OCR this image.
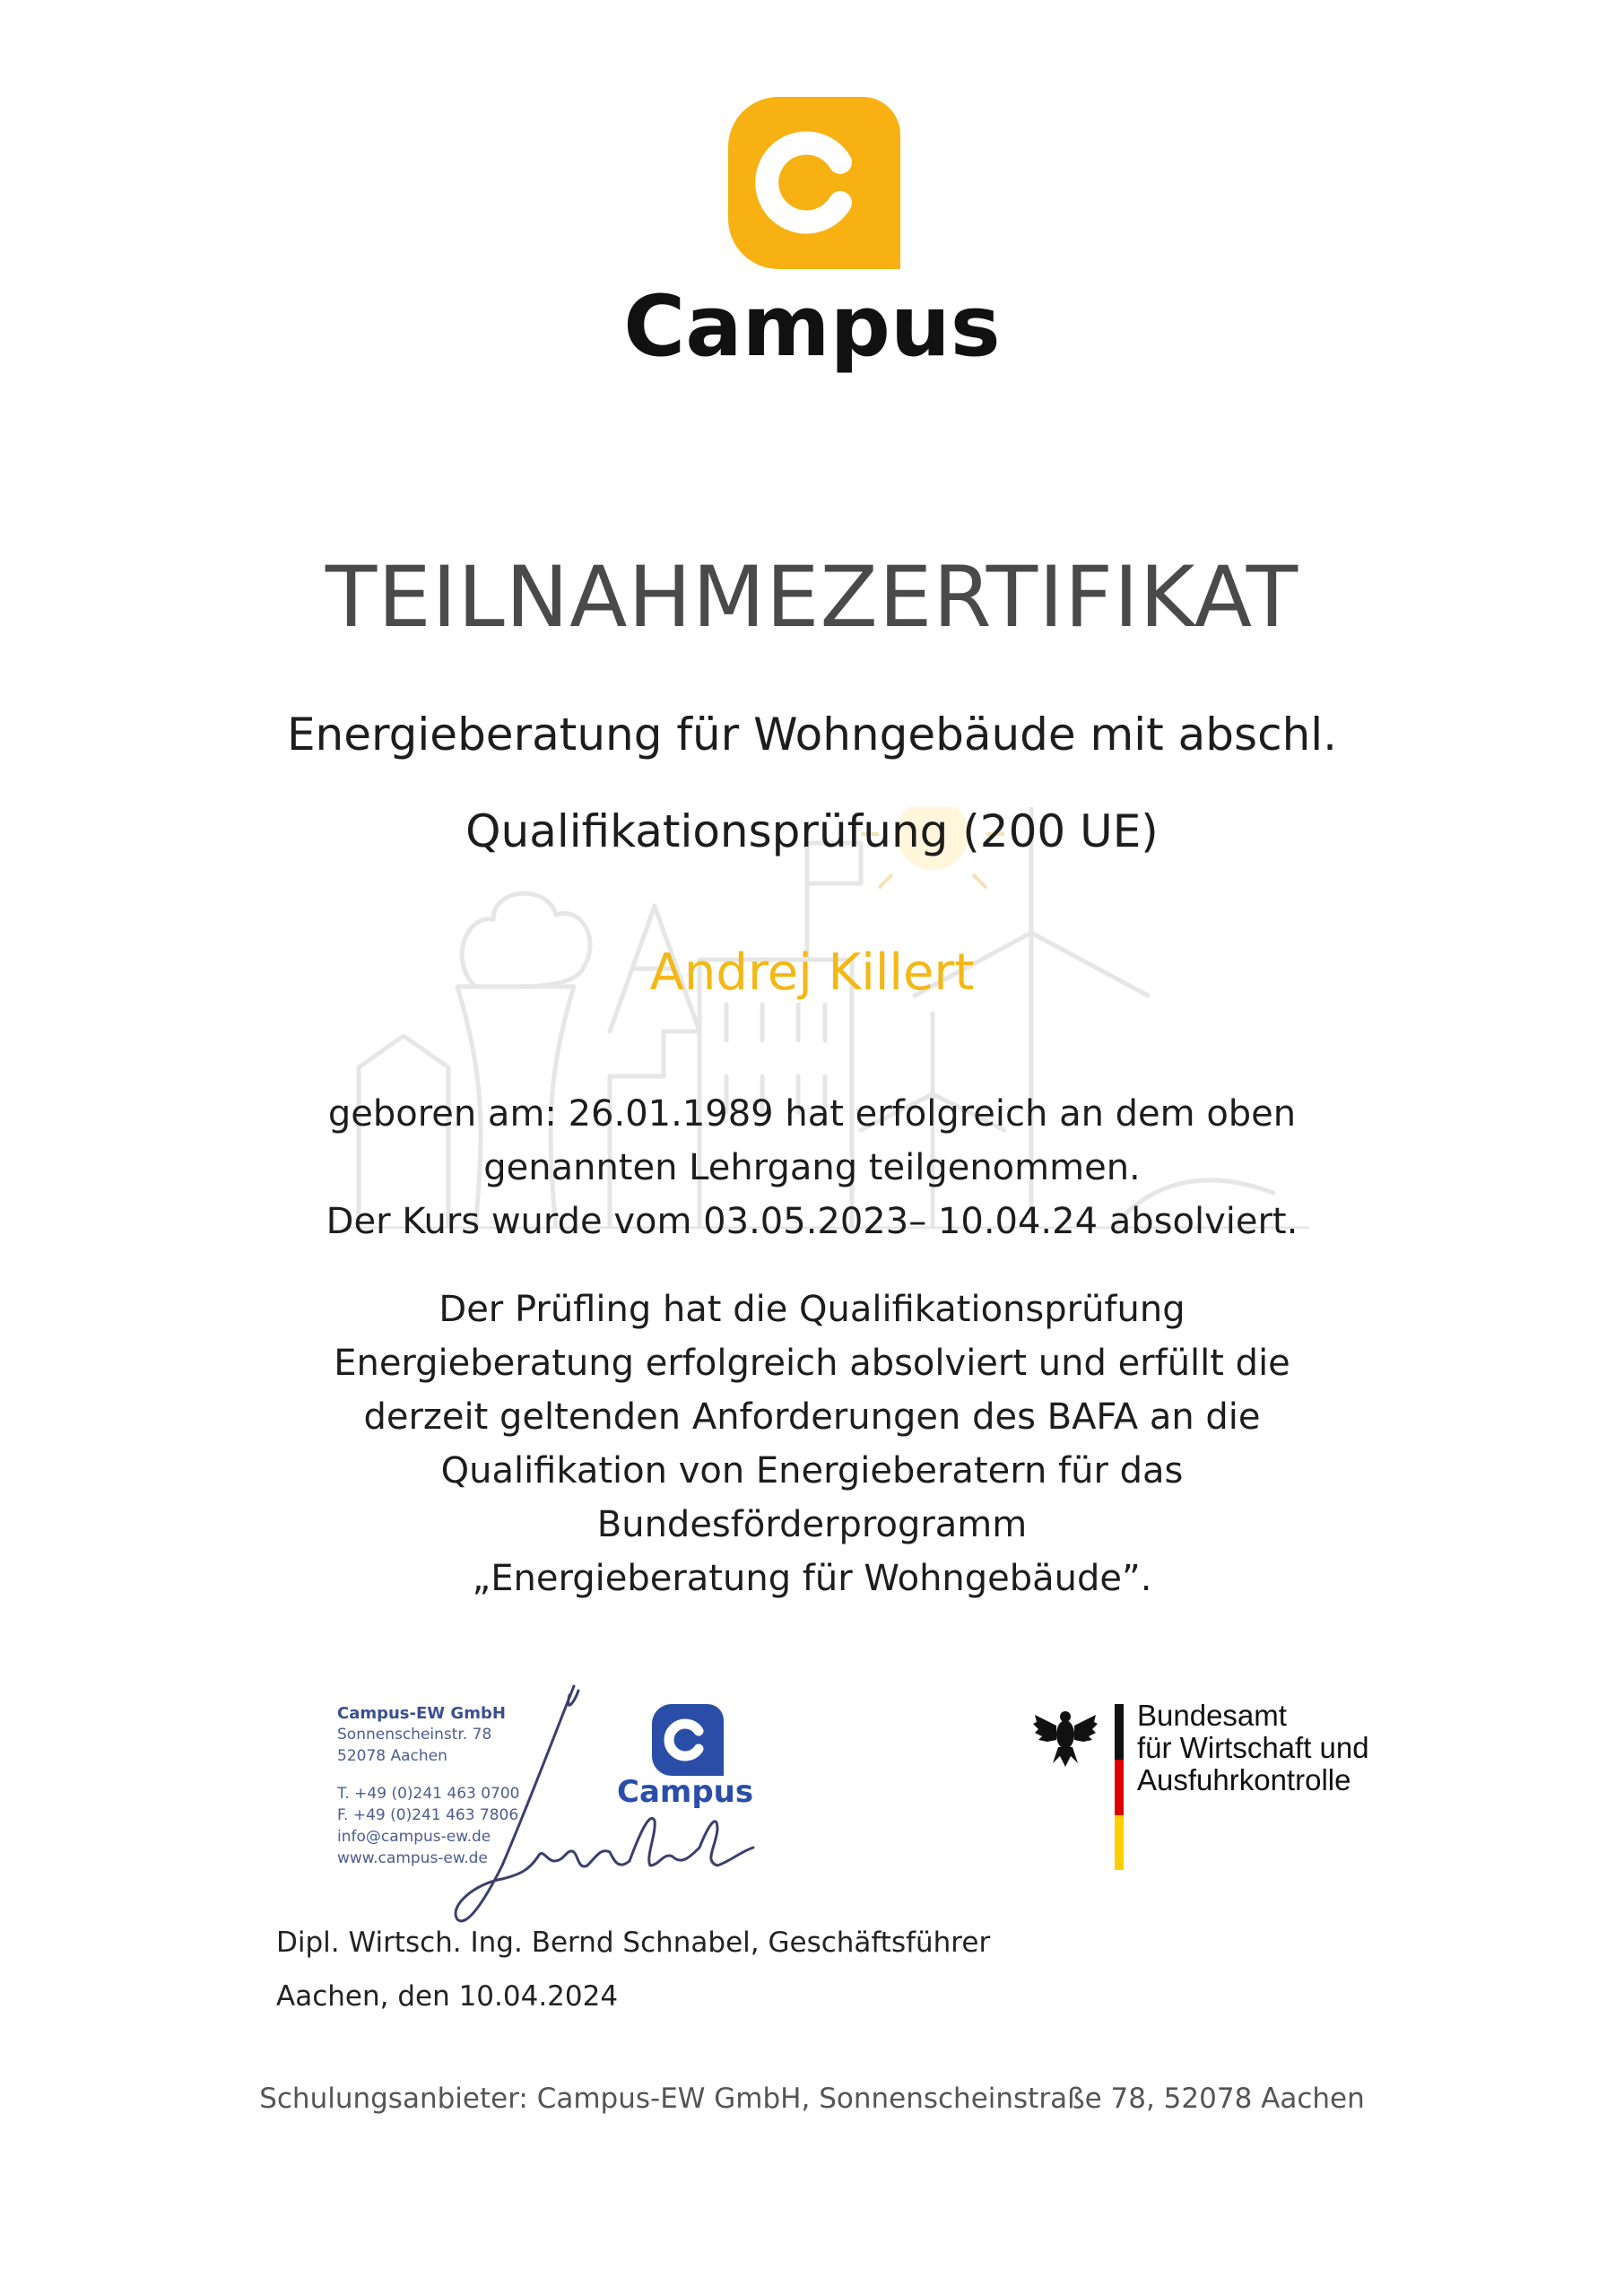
Campus
TEILNAHMEZERTIFIKAT
Energieberatung für Wohngebäude mit abschl.
Qualifikationsprüfung (200 UE)
Andrej Killert
geboren am: 26.01.1989 hat erfolgreich an dem oben
genannten Lehrgang teilgenommen.
Der Kurs wurde vom 03.05.2023– 10.04.24 absolviert.
Der Prüfling hat die Qualifikationsprüfung
Energieberatung erfolgreich absolviert und erfüllt die
derzeit geltenden Anforderungen des BAFA an die
Qualifikation von Energieberatern für das
Bundesförderprogramm
„Energieberatung für Wohngebäude”.
Campus-EW GmbH
Sonnenscheinstr. 78
52078 Aachen
T. +49 (0)241 463 0700
F. +49 (0)241 463 7806
info@campus-ew.de
www.campus-ew.de
Campus
Dipl. Wirtsch. Ing. Bernd Schnabel, Geschäftsführer
Aachen, den 10.04.2024
Bundesamt
für Wirtschaft und
Ausfuhrkontrolle
Schulungsanbieter: Campus-EW GmbH, Sonnenscheinstraße 78, 52078 Aachen
